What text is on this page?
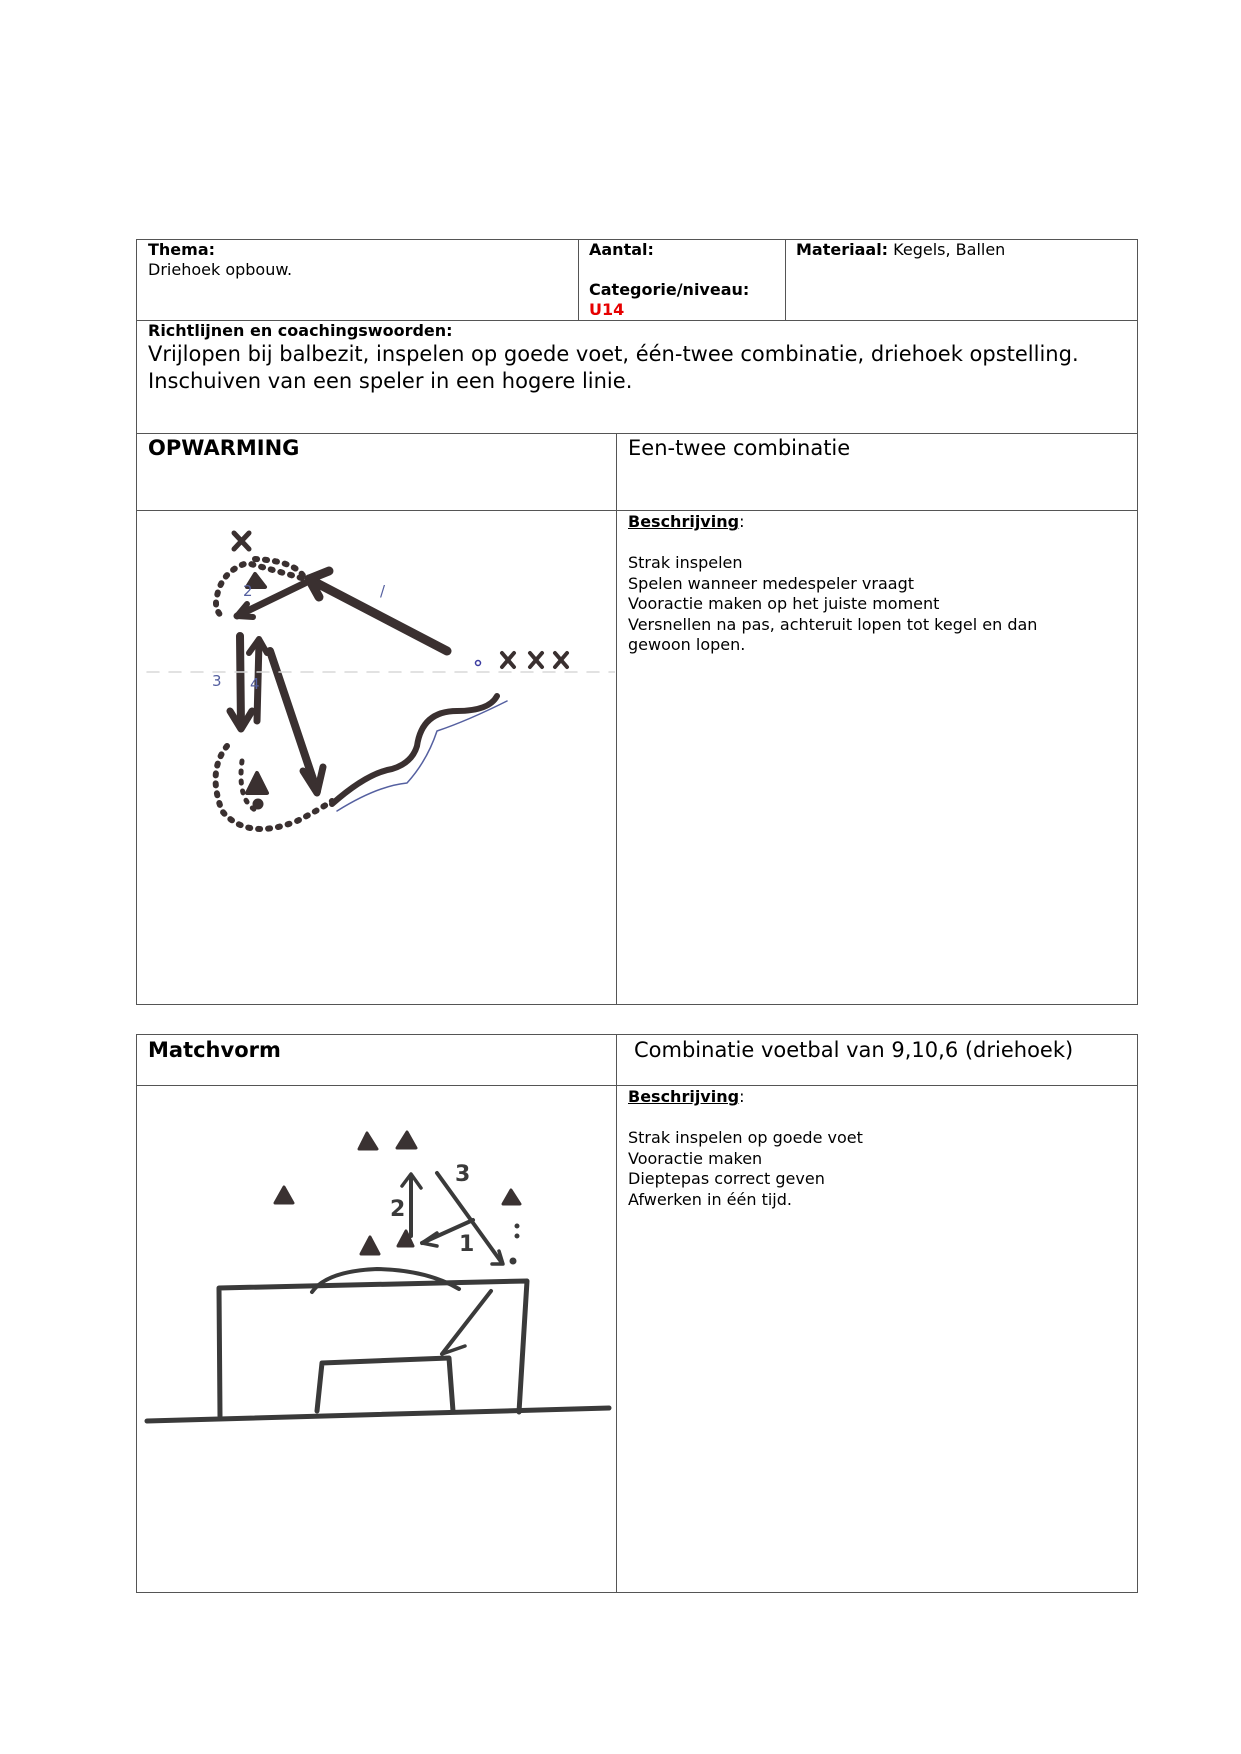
Thema:
Driehoek opbouw.
Aantal:
Categorie/niveau:
U14
Materiaal: Kegels, Ballen
Richtlijnen en coachingswoorden:
Vrijlopen bij balbezit, inspelen op goede voet, één-twee combinatie, driehoek opstelling.
Inschuiven van een speler in een hogere linie.
OPWARMING	Een-twee combinatie
Beschrijving:
Strak inspelen
Spelen wanneer medespeler vraagt
Vooractie maken op het juiste moment
Versnellen na pas, achteruit lopen tot kegel en dan
gewoon lopen.
/
2
3 4
Matchvorm	Combinatie voetbal van 9,10,6 (driehoek)
Beschrijving:
Strak inspelen op goede voet
Vooractie maken
Dieptepas correct geven
Afwerken in één tijd.
2
3
1
